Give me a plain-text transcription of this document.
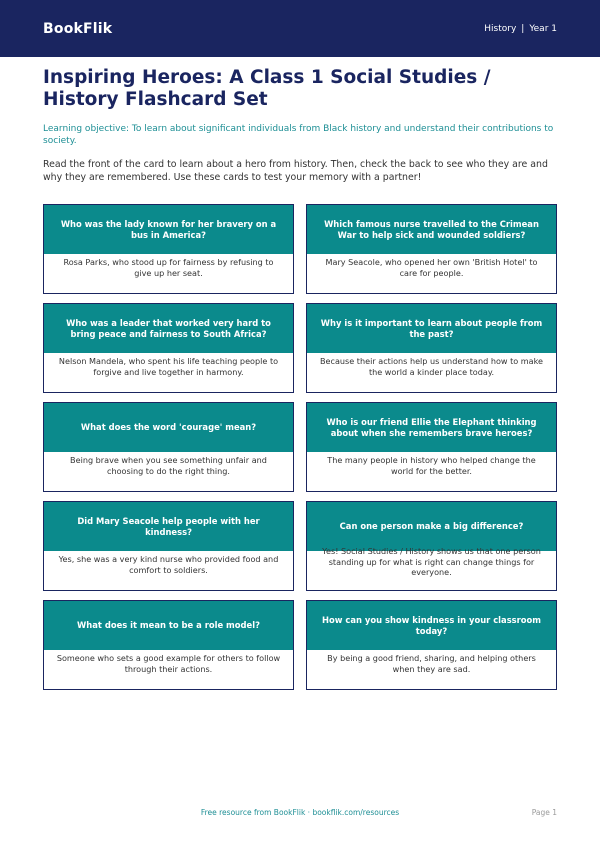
BookFlik	History | Year 1
Inspiring Heroes: A Class 1 Social Studies / History Flashcard Set

Learning objective: To learn about significant individuals from Black history and understand their contributions to society.

Read the front of the card to learn about a hero from history. Then, check the back to see who they are and why they are remembered. Use these cards to test your memory with a partner!

Who was the lady known for her bravery on a bus in America?
Rosa Parks, who stood up for fairness by refusing to give up her seat.
Which famous nurse travelled to the Crimean War to help sick and wounded soldiers?
Mary Seacole, who opened her own 'British Hotel' to care for people.
Who was a leader that worked very hard to bring peace and fairness to South Africa?
Nelson Mandela, who spent his life teaching people to forgive and live together in harmony.
Why is it important to learn about people from the past?
Because their actions help us understand how to make the world a kinder place today.
What does the word 'courage' mean?
Being brave when you see something unfair and choosing to do the right thing.
Who is our friend Ellie the Elephant thinking about when she remembers brave heroes?
The many people in history who helped change the world for the better.
Did Mary Seacole help people with her kindness?
Yes, she was a very kind nurse who provided food and comfort to soldiers.
Can one person make a big difference?
Yes! Social Studies / History shows us that one person standing up for what is right can change things for everyone.
What does it mean to be a role model?
Someone who sets a good example for others to follow through their actions.
How can you show kindness in your classroom today?
By being a good friend, sharing, and helping others when they are sad.
Free resource from BookFlik · bookflik.com/resources	Page 1
